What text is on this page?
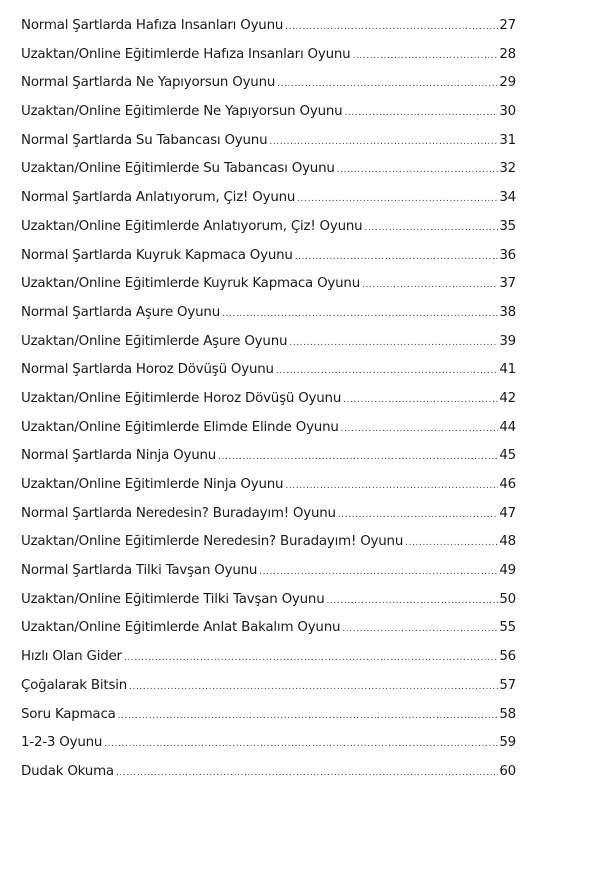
Normal Şartlarda Hafıza İnsanları Oyunu .....	27
Uzaktan/Online Eğitimlerde Hafıza İnsanları Oyunu .....	28
Normal Şartlarda Ne Yapıyorsun Oyunu .....	29
Uzaktan/Online Eğitimlerde Ne Yapıyorsun Oyunu .....	30
Normal Şartlarda Su Tabancası Oyunu .....	31
Uzaktan/Online Eğitimlerde Su Tabancası Oyunu .....	32
Normal Şartlarda Anlatıyorum, Çiz! Oyunu .....	34
Uzaktan/Online Eğitimlerde Anlatıyorum, Çiz! Oyunu .....	35
Normal Şartlarda Kuyruk Kapmaca Oyunu .....	36
Uzaktan/Online Eğitimlerde Kuyruk Kapmaca Oyunu .....	37
Normal Şartlarda Aşure Oyunu .....	38
Uzaktan/Online Eğitimlerde Aşure Oyunu .....	39
Normal Şartlarda Horoz Dövüşü Oyunu .....	41
Uzaktan/Online Eğitimlerde Horoz Dövüşü Oyunu .....	42
Uzaktan/Online Eğitimlerde Elimde Elinde Oyunu .....	44
Normal Şartlarda Ninja Oyunu .....	45
Uzaktan/Online Eğitimlerde Ninja Oyunu .....	46
Normal Şartlarda Neredesin? Buradayım! Oyunu .....	47
Uzaktan/Online Eğitimlerde Neredesin? Buradayım! Oyunu .....	48
Normal Şartlarda Tilki Tavşan Oyunu .....	49
Uzaktan/Online Eğitimlerde Tilki Tavşan Oyunu .....	50
Uzaktan/Online Eğitimlerde Anlat Bakalım Oyunu .....	55
Hızlı Olan Gider .....	56
Çoğalarak Bitsin .....	57
Soru Kapmaca .....	58
1-2-3 Oyunu .....	59
Dudak Okuma .....	60
